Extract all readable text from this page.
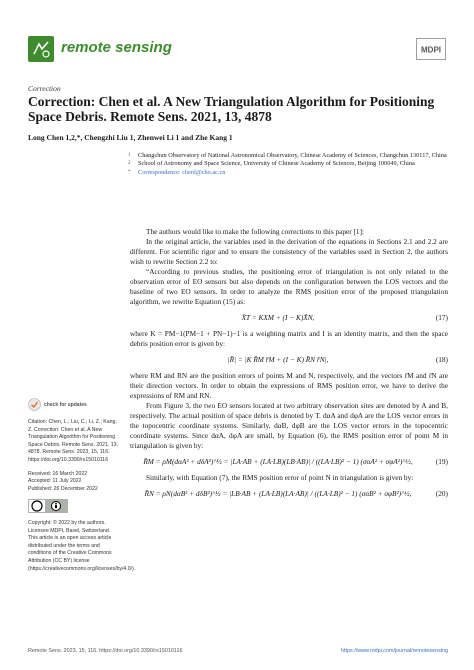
remote sensing	MDPI
Correction
Correction: Chen et al. A New Triangulation Algorithm for Positioning Space Debris. Remote Sens. 2021, 13, 4878
Long Chen 1,2,*, Chengzhi Liu 1, Zhenwei Li 1 and Zhe Kang 1
1	Changchun Observatory of National Astronomical Observatory, Chinese Academy of Sciences, Changchun 130117, China
2	School of Astronomy and Space Science, University of Chinese Academy of Sciences, Beijing 100049, China
*	Correspondence: chenl@cho.ac.cn
check for updates

Citation: Chen, L.; Liu, C.; Li, Z.; Kang, Z. Correction: Chen et al. A New Triangulation Algorithm for Positioning Space Debris. Remote Sens. 2021, 13, 4878. Remote Sens. 2023, 15, 116. https://doi.org/10.3390/rs15010116

Received: 16 March 2022
Accepted: 11 July 2022
Published: 26 December 2022

Copyright: © 2022 by the authors. Licensee MDPI, Basel, Switzerland. This article is an open access article distributed under the terms and conditions of the Creative Commons Attribution (CC BY) license (https://creativecommons.org/licenses/by/4.0/).

The authors would like to make the following corrections to this paper [1]:

In the original article, the variables used in the derivation of the equations in Sections 2.1 and 2.2 are different. For scientific rigor and to ensure the consistency of the variables used in Section 2, the authors wish to rewrite Section 2.2 to:

“According to previous studies, the positioning error of triangulation is not only related to the observation error of EO sensors but also depends on the configuration between the LOS vectors and the baseline of two EO sensors. In order to analyze the RMS position error of the proposed triangulation algorithm, we rewrite Equation (15) as:

X̂T = KXM + (I − K)X̂N,	(17)

where K = PM−1(PM−1 + PN−1)−1 is a weighting matrix and I is an identity matrix, and then the space debris position error is given by:

|R̄| = |K R̄M r̄M + (I − K) R̄N r̄N|,	(18)

where RM and RN are the position errors of points M and N, respectively, and the vectors r̄M and r̄N are their direction vectors. In order to obtain the expressions of RMS position error, we have to derive the expressions of RM and RN.

From Figure 3, the two EO sensors located at two arbitrary observation sites are denoted by A and B, respectively. The actual position of space debris is denoted by T. dαA and dφA are the LOS vector errors in the topocentric coordinate systems. Similarly, dαB, dφB are the LOS vector errors in the topocentric coordinate systems. Since dαA, dφA are small, by Equation (6), the RMS position error of point M in triangulation is given by:

R̄M = ρM(dαA² + dδA²)^½ = |LA·AB + (LA·LB)(LB·AB)| / ((LA·LB)² − 1) (σαA² + σφA²)^½,	(19)

Similarly, with Equation (7), the RMS position error of point N in triangulation is given by:

R̄N = ρN(dαB² + dδB²)^½ = |LB·AB + (LA·LB)(LA·AB)| / ((LA·LB)² − 1) (σαB² + σφB²)^½,	(20)
Remote Sens. 2023, 15, 116. https://doi.org/10.3390/rs15010116	https://www.mdpi.com/journal/remotesensing
